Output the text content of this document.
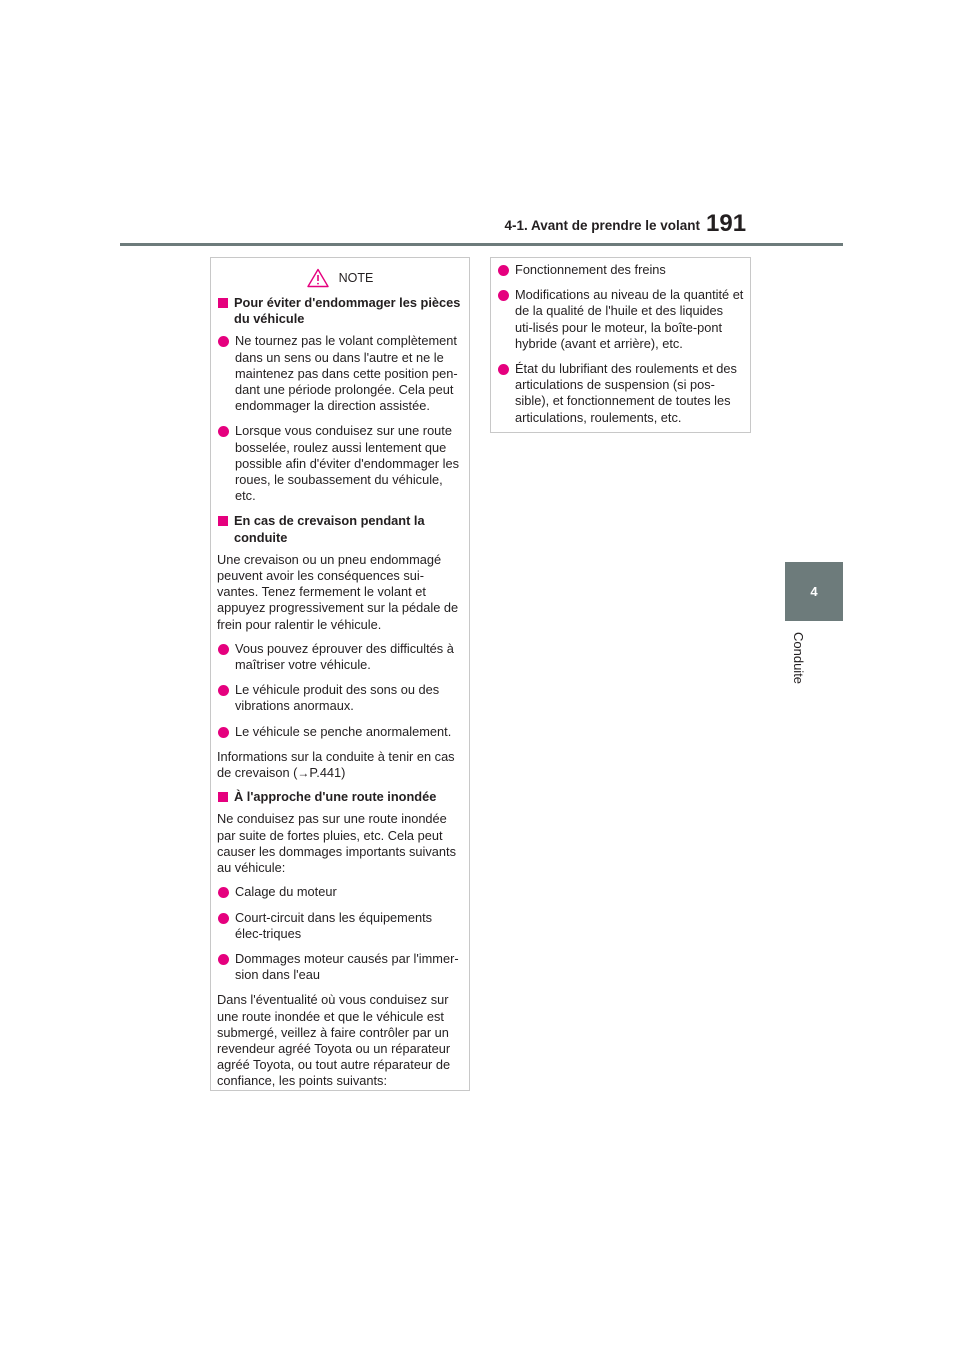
4-1. Avant de prendre le volant 191
4
Conduite
NOTE
Pour éviter d'endommager les pièces du véhicule
Ne tournez pas le volant complètement dans un sens ou dans l'autre et ne le maintenez pas dans cette position pen-dant une période prolongée. Cela peut endommager la direction assistée.
Lorsque vous conduisez sur une route bosselée, roulez aussi lentement que possible afin d'éviter d'endommager les roues, le soubassement du véhicule, etc.
En cas de crevaison pendant la conduite
Une crevaison ou un pneu endommagé peuvent avoir les conséquences sui-vantes. Tenez fermement le volant et appuyez progressivement sur la pédale de frein pour ralentir le véhicule.
Vous pouvez éprouver des difficultés à maîtriser votre véhicule.
Le véhicule produit des sons ou des vibrations anormaux.
Le véhicule se penche anormalement.
Informations sur la conduite à tenir en cas de crevaison (→P.441)
À l'approche d'une route inondée
Ne conduisez pas sur une route inondée par suite de fortes pluies, etc. Cela peut causer les dommages importants suivants au véhicule:
Calage du moteur
Court-circuit dans les équipements élec-triques
Dommages moteur causés par l'immer-sion dans l'eau
Dans l'éventualité où vous conduisez sur une route inondée et que le véhicule est submergé, veillez à faire contrôler par un revendeur agréé Toyota ou un réparateur agréé Toyota, ou tout autre réparateur de confiance, les points suivants:
Fonctionnement des freins
Modifications au niveau de la quantité et de la qualité de l'huile et des liquides uti-lisés pour le moteur, la boîte-pont hybride (avant et arrière), etc.
État du lubrifiant des roulements et des articulations de suspension (si pos-sible), et fonctionnement de toutes les articulations, roulements, etc.
